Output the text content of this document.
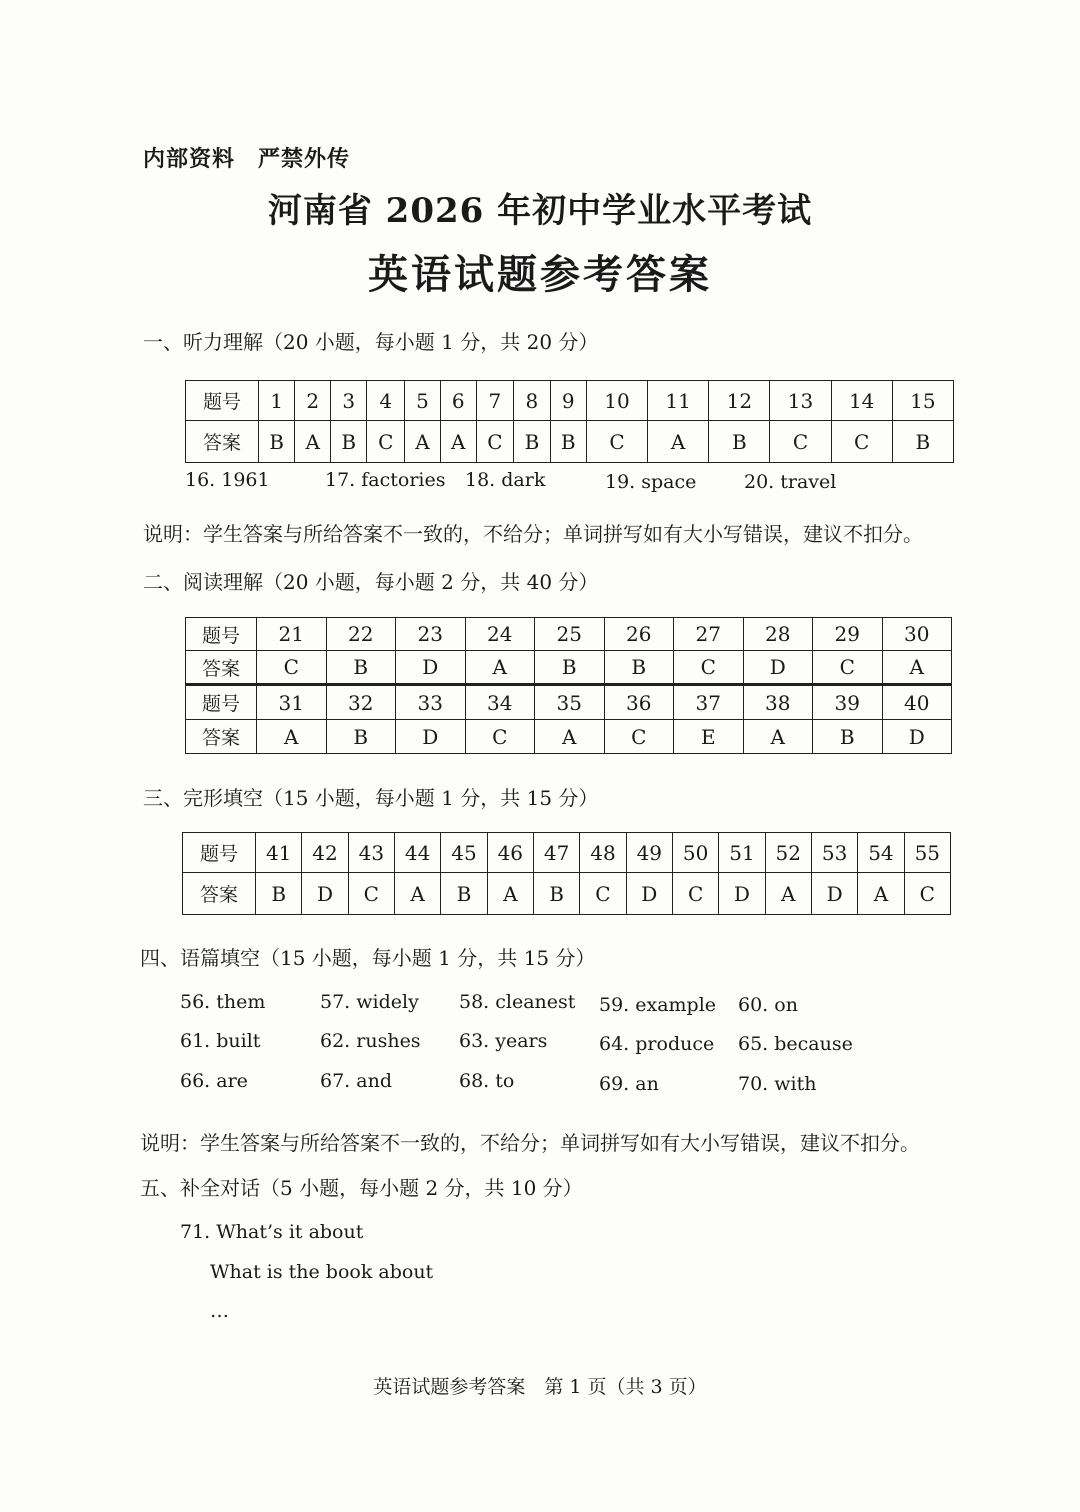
内部资料　严禁外传
河南省 2026 年初中学业水平考试
英语试题参考答案
一、听力理解（20 小题，每小题 1 分，共 20 分）
题号	1	2	3	4	5	6	7	8	9	10	11	12	13	14	15
答案	B	A	B	C	A	A	C	B	B	C	A	B	C	C	B
16. 1961	17. factories 18. dark	19. space	20. travel
说明：学生答案与所给答案不一致的，不给分；单词拼写如有大小写错误，建议不扣分。
二、阅读理解（20 小题，每小题 2 分，共 40 分）
题号	21	22	23	24	25	26	27	28	29	30
答案	C	B	D	A	B	B	C	D	C	A
题号	31	32	33	34	35	36	37	38	39	40
答案	A	B	D	C	A	C	E	A	B	D
三、完形填空（15 小题，每小题 1 分，共 15 分）
题号	41	42	43	44	45	46	47	48	49	50	51	52	53	54	55
答案	B	D	C	A	B	A	B	C	D	C	D	A	D	A	C
四、语篇填空（15 小题，每小题 1 分，共 15 分）
56. them	57. widely 58. cleanest 59. example 60. on
61. built	62. rushes 63. years	64. produce 65. because
66. are	67. and	68. to	69. an	70. with
说明：学生答案与所给答案不一致的，不给分；单词拼写如有大小写错误，建议不扣分。
五、补全对话（5 小题，每小题 2 分，共 10 分）
71. What’s it about
What is the book about
…
英语试题参考答案　第 1 页（共 3 页）
